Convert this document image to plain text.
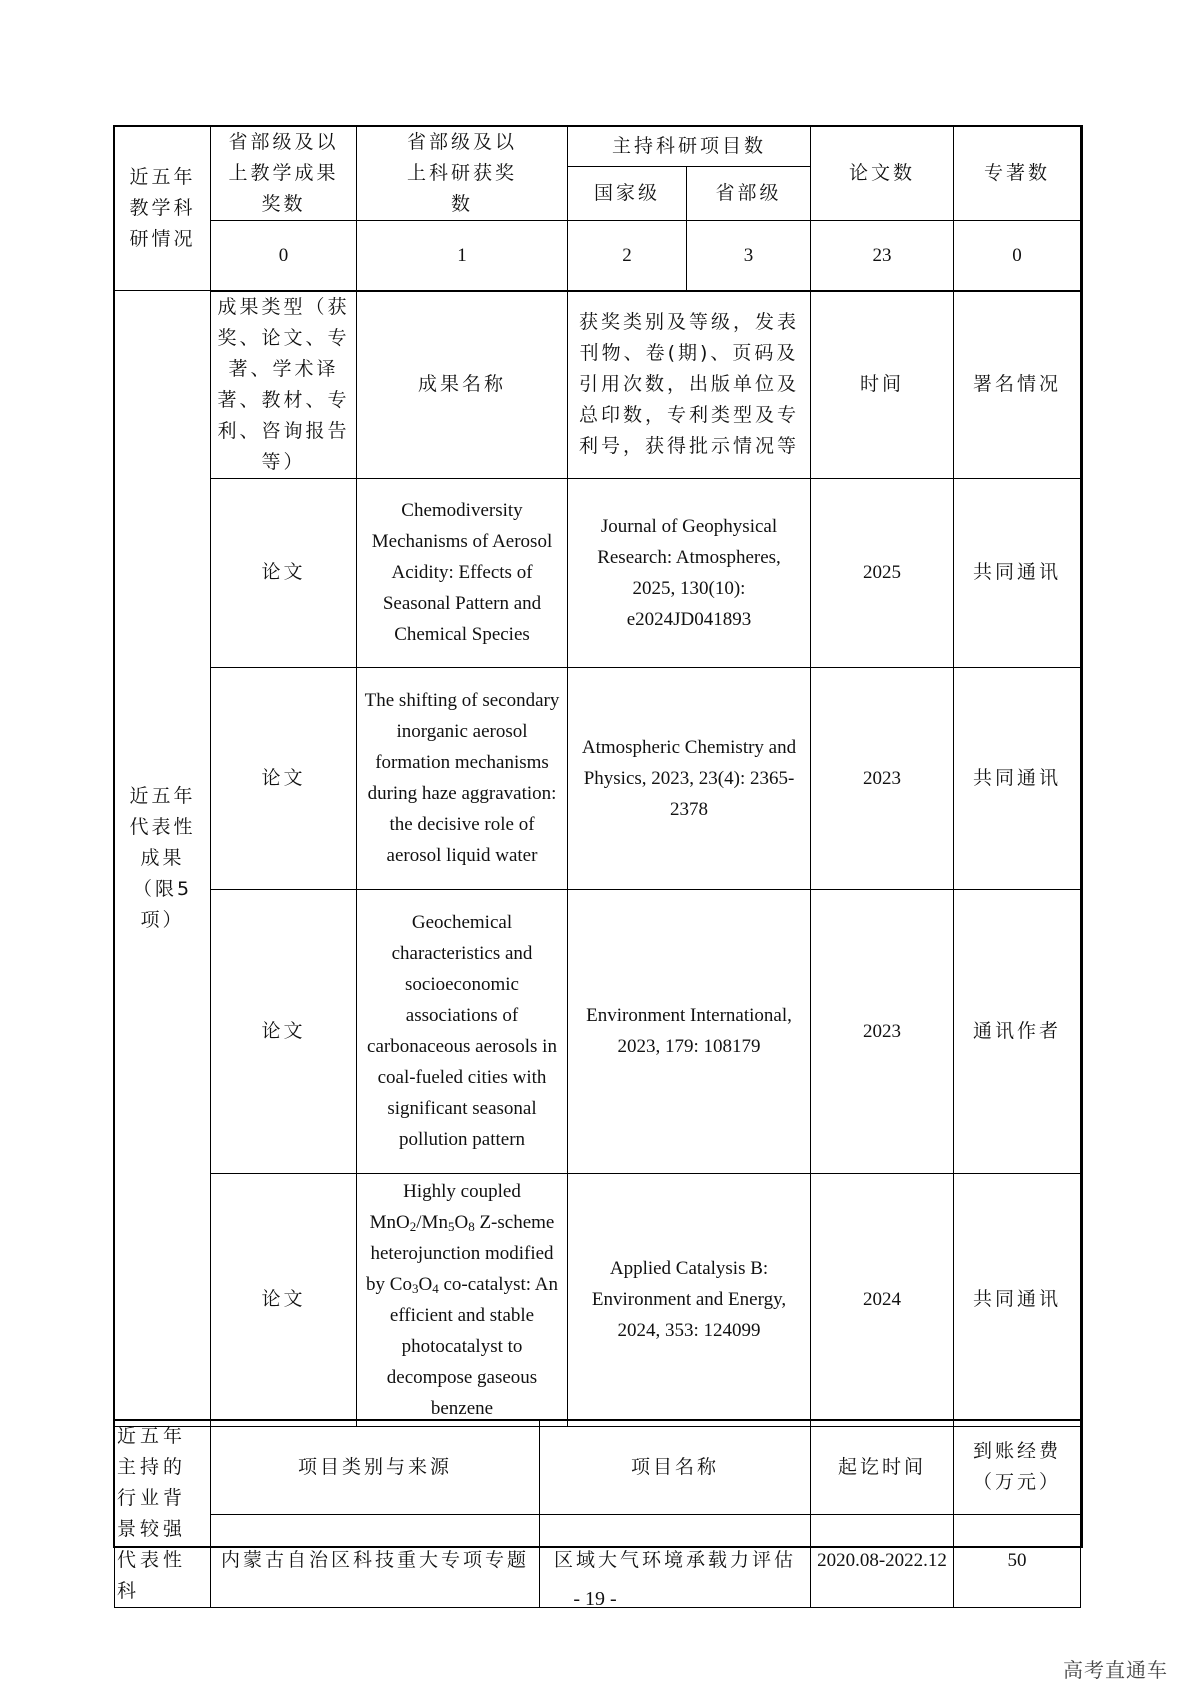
近五年教学科研情况	省部级及以上教学成果奖数	省部级及以上科研获奖数	主持科研项目数		论文数	专著数
			国家级	省部级		
	0	1	2	3	23	0
近五年代表性成果（限5项）	成果类型（获奖、论文、专著、学术译著、教材、专利、咨询报告等）	成果名称	获奖类别及等级，发表刊物、卷(期)、页码及引用次数，出版单位及总印数，专利类型及专利号，获得批示情况等		时间	署名情况
	论文	Chemodiversity Mechanisms of Aerosol Acidity: Effects of Seasonal Pattern and Chemical Species	Journal of Geophysical Research: Atmospheres, 2025, 130(10): e2024JD041893		2025	共同通讯
	论文	The shifting of secondary inorganic aerosol formation mechanisms during haze aggravation: the decisive role of aerosol liquid water	Atmospheric Chemistry and Physics, 2023, 23(4): 2365-2378		2023	共同通讯
	论文	Geochemical characteristics and socioeconomic associations of carbonaceous aerosols in coal-fueled cities with significant seasonal pollution pattern	Environment International, 2023, 179: 108179		2023	通讯作者
	论文	Highly coupled $MnO_2/Mn_5O_8$ Z-scheme heterojunction modified by $Co_3O_4$ co-catalyst: An efficient and stable photocatalyst to decompose gaseous benzene	Applied Catalysis B: Environment and Energy, 2024, 353: 124099		2024	共同通讯
近五年主持的行业背景较强代表性科	项目类别与来源	项目名称	起讫时间	到账经费（万元）
	内蒙古自治区科技重大专项专题	区域大气环境承载力评估	2020.08-2022.12	50
- 19 -
高考直通车
